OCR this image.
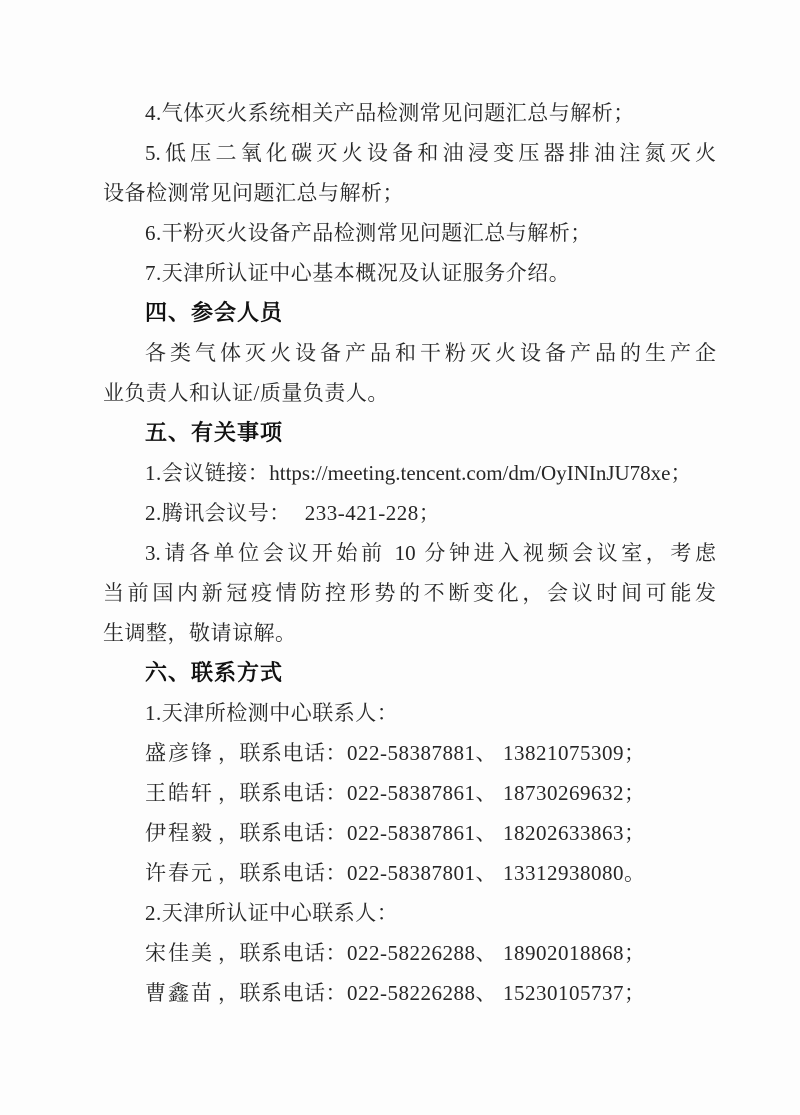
4.气体灭火系统相关产品检测常见问题汇总与解析；
5.低压二氧化碳灭火设备和油浸变压器排油注氮灭火
设备检测常见问题汇总与解析；
6.干粉灭火设备产品检测常见问题汇总与解析；
7.天津所认证中心基本概况及认证服务介绍。
四、参会人员
各类气体灭火设备产品和干粉灭火设备产品的生产企
业负责人和认证/质量负责人。
五、有关事项
1.会议链接：https://meeting.tencent.com/dm/OyINInJU78xe；
2.腾讯会议号： 233-421-228；
3.请各单位会议开始前 10 分钟进入视频会议室，考虑
当前国内新冠疫情防控形势的不断变化，会议时间可能发
生调整，敬请谅解。
六、联系方式
1.天津所检测中心联系人：
盛彦锋 ，联系电话：022-58387881、 13821075309；
王皓轩 ，联系电话：022-58387861、 18730269632；
伊程毅 ，联系电话：022-58387861、 18202633863；
许春元 ，联系电话：022-58387801、 13312938080。
2.天津所认证中心联系人：
宋佳美 ，联系电话：022-58226288、 18902018868；
曹鑫苗 ，联系电话：022-58226288、 15230105737；
